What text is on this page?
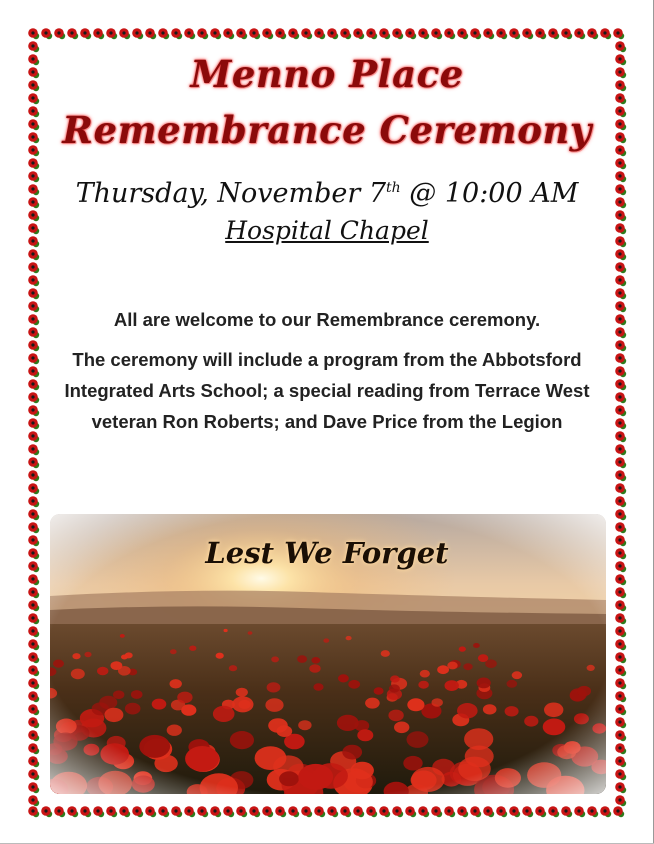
Menno Place
Remembrance Ceremony
Thursday, November 7th @ 10:00 AM
Hospital Chapel
All are welcome to our Remembrance ceremony.
The ceremony will include a program from the Abbotsford Integrated Arts School; a special reading from Terrace West veteran Ron Roberts; and Dave Price from the Legion
Lest We Forget
